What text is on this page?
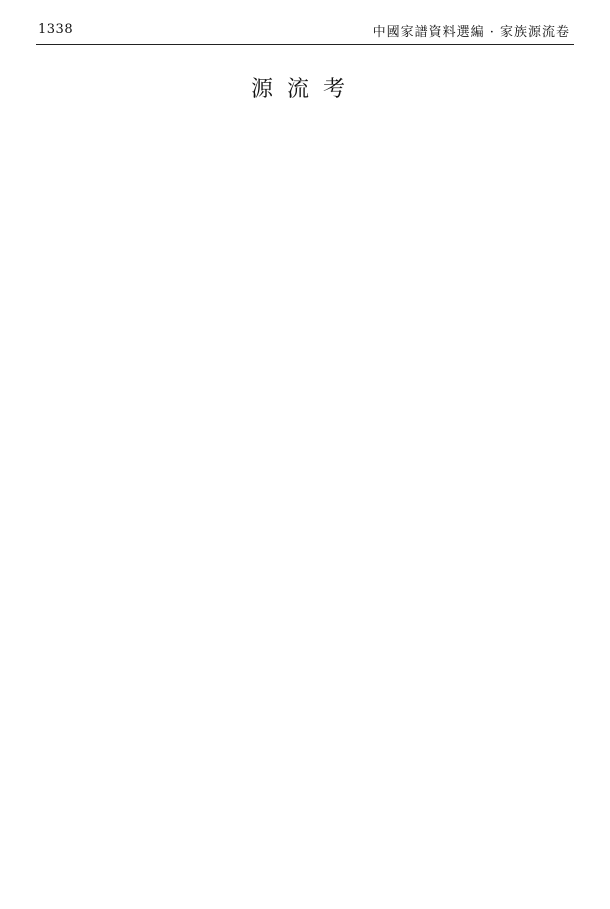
1338	中國家譜資料選編 · 家族源流卷
源流考
